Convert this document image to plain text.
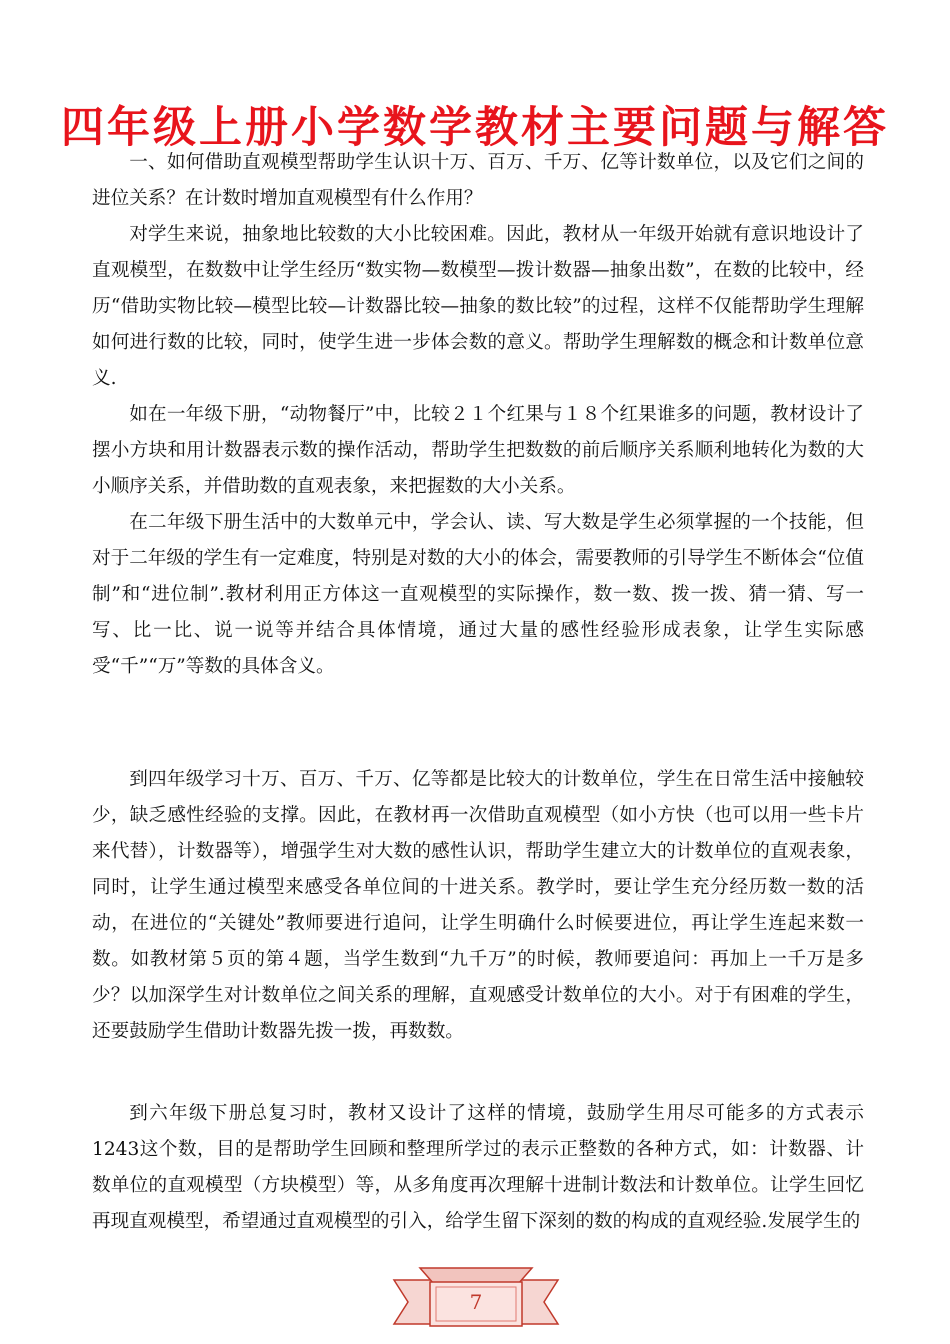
四年级上册小学数学教材主要问题与解答

一、如何借助直观模型帮助学生认识十万、百万、千万、亿等计数单位，以及它们之间的进位关系？在计数时增加直观模型有什么作用？

对学生来说，抽象地比较数的大小比较困难。因此，教材从一年级开始就有意识地设计了直观模型，在数数中让学生经历“数实物—数模型—拨计数器—抽象出数”，在数的比较中，经历“借助实物比较—模型比较—计数器比较—抽象的数比较”的过程，这样不仅能帮助学生理解如何进行数的比较，同时，使学生进一步体会数的意义。帮助学生理解数的概念和计数单位意义.

如在一年级下册，“动物餐厅”中，比较２１个红果与１８个红果谁多的问题，教材设计了摆小方块和用计数器表示数的操作活动，帮助学生把数数的前后顺序关系顺利地转化为数的大小顺序关系，并借助数的直观表象，来把握数的大小关系。

在二年级下册生活中的大数单元中，学会认、读、写大数是学生必须掌握的一个技能，但对于二年级的学生有一定难度，特别是对数的大小的体会，需要教师的引导学生不断体会“位值制”和“进位制”.教材利用正方体这一直观模型的实际操作，数一数、拨一拨、猜一猜、写一写、比一比、说一说等并结合具体情境，通过大量的感性经验形成表象，让学生实际感受“千”“万”等数的具体含义。

到四年级学习十万、百万、千万、亿等都是比较大的计数单位，学生在日常生活中接触较少，缺乏感性经验的支撑。因此，在教材再一次借助直观模型（如小方快（也可以用一些卡片来代替），计数器等），增强学生对大数的感性认识，帮助学生建立大的计数单位的直观表象，同时，让学生通过模型来感受各单位间的十进关系。教学时，要让学生充分经历数一数的活动，在进位的“关键处”教师要进行追问，让学生明确什么时候要进位，再让学生连起来数一数。如教材第５页的第４题，当学生数到“九千万”的时候，教师要追问：再加上一千万是多少？以加深学生对计数单位之间关系的理解，直观感受计数单位的大小。对于有困难的学生，还要鼓励学生借助计数器先拨一拨，再数数。

到六年级下册总复习时，教材又设计了这样的情境，鼓励学生用尽可能多的方式表示1243这个数，目的是帮助学生回顾和整理所学过的表示正整数的各种方式，如：计数器、计数单位的直观模型（方块模型）等，从多角度再次理解十进制计数法和计数单位。让学生回忆再现直观模型，希望通过直观模型的引入，给学生留下深刻的数的构成的直观经验.发展学生的

7
